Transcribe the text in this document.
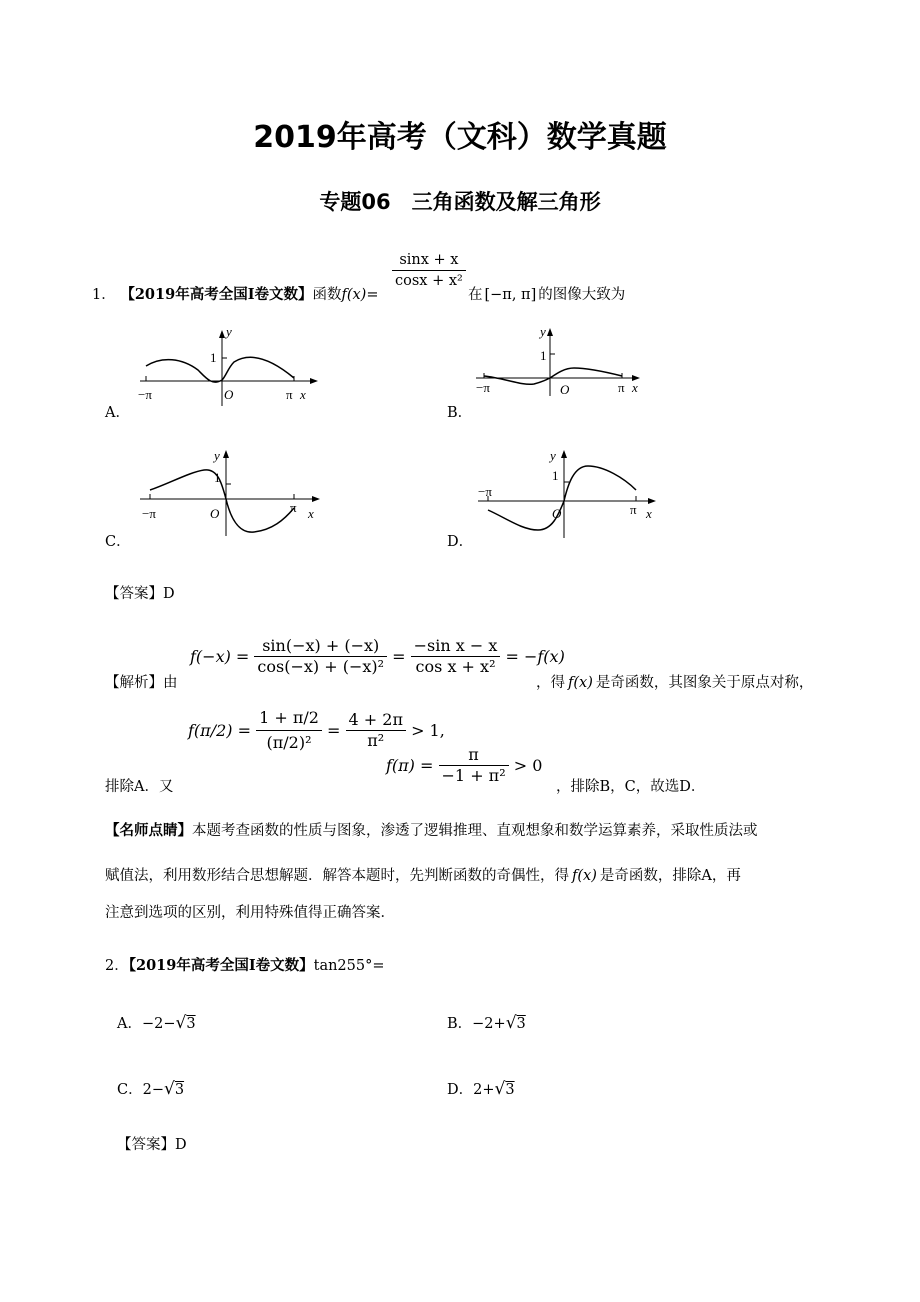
2019年高考（文科）数学真题
专题06　三角函数及解三角形
1． 【2019年高考全国Ⅰ卷文数】函数f(x)=
$\frac{\sin x + x}{\text{cosx + x²}}$
在 [−π, π] 的图像大致为
A．
y
1
O
−π	π x
B．
y
1
O
−π	π x
C．
y
1
O
−π	π x
D．
y
1
O
−π
π x
【答案】D
【解析】由
$f(-x) = \frac{\sin(-x) + (-x)}{\text{cos(−x) + (−x)²}} = \frac{\text{−sin x − x}}{\text{cos x + x²}} = -f(x)$
，得 f(x) 是奇函数，其图象关于原点对称，
$f(\pi/2) = \frac{1 + \pi/2}{\text{(π/2)²}} = \frac{4 + 2\pi}{\text{π²}} > 1$,
排除A．又
$f(\pi) = \frac{\pi}{\text{−1 + π²}} > 0$
，排除B，C，故选D．
【名师点睛】本题考查函数的性质与图象，渗透了逻辑推理、直观想象和数学运算素养，采取性质法或
赋值法，利用数形结合思想解题．解答本题时，先判断函数的奇偶性，得 f(x) 是奇函数，排除A，再
注意到选项的区别，利用特殊值得正确答案．
2．【2019年高考全国Ⅰ卷文数】tan255°=
A．−2−√3	B．−2+√3
C．2−√3	D．2+√3
【答案】D
